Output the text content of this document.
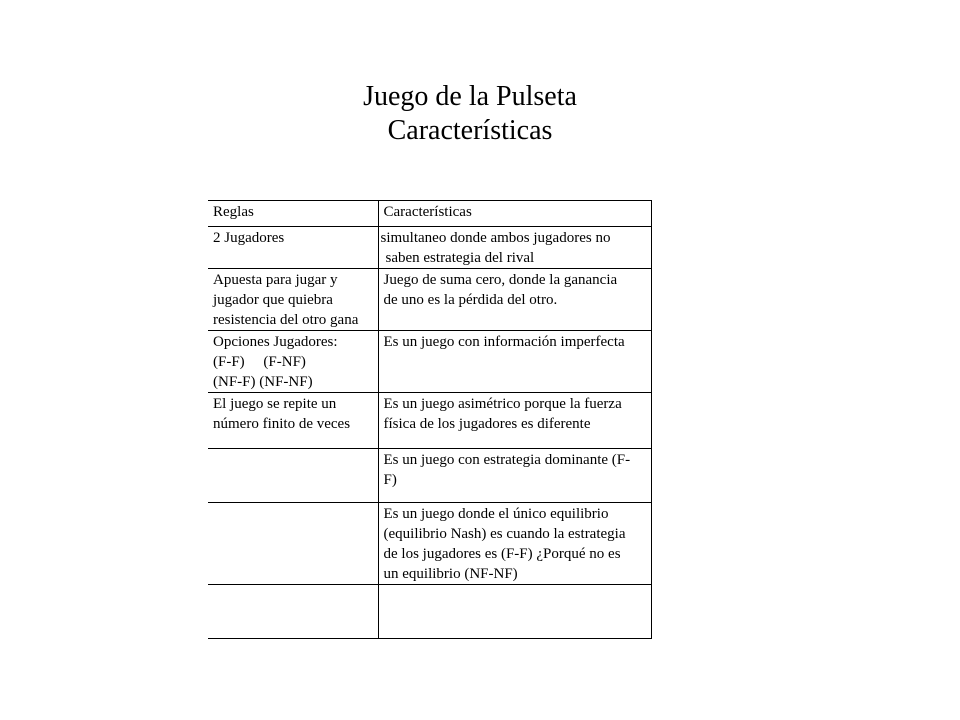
Juego de la Pulseta
Características
Reglas	Características

2 Jugadores	simultaneo donde ambos jugadores no
saben estrategia del rival

Apuesta para jugar y
jugador que quiebra
resistencia del otro gana	Juego de suma cero, donde la ganancia
de uno es la pérdida del otro.

Opciones Jugadores:
(F-F)     (F-NF)
(NF-F) (NF-NF)	Es un juego con información imperfecta

El juego se repite un
número finito de veces	Es un juego asimétrico porque la fuerza
física de los jugadores es diferente

	Es un juego con estrategia dominante (F-
F)

	Es un juego donde el único equilibrio
(equilibrio Nash) es cuando la estrategia
de los jugadores es (F-F) ¿Porqué no es
un equilibrio (NF-NF)
